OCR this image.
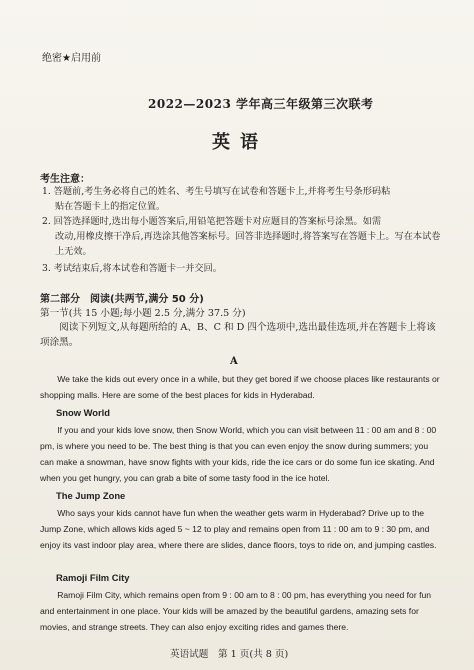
绝密★启用前
2022—2023 学年高三年级第三次联考
英语
考生注意：
1. 答题前,考生务必将自己的姓名、考生号填写在试卷和答题卡上,并将考生号条形码粘
贴在答题卡上的指定位置。
2. 回答选择题时,选出每小题答案后,用铅笔把答题卡对应题目的答案标号涂黑。如需
改动,用橡皮擦干净后,再选涂其他答案标号。回答非选择题时,将答案写在答题卡上。写在本试卷上无效。
3. 考试结束后,将本试卷和答题卡一并交回。
第二部分　阅读(共两节,满分 50 分)
第一节(共 15 小题;每小题 2.5 分,满分 37.5 分)
阅读下列短文,从每题所给的 A、B、C 和 D 四个选项中,选出最佳选项,并在答题卡上将该项涂黑。
A
We take the kids out every once in a while, but they get bored if we choose places like restaurants or shopping malls. Here are some of the best places for kids in Hyderabad.
Snow World
If you and your kids love snow, then Snow World, which you can visit between 11 : 00 am and 8 : 00 pm, is where you need to be. The best thing is that you can even enjoy the snow during summers; you can make a snowman, have snow fights with your kids, ride the ice cars or do some fun ice skating. And when you get hungry, you can grab a bite of some tasty food in the ice hotel.
The Jump Zone
Who says your kids cannot have fun when the weather gets warm in Hyderabad? Drive up to the Jump Zone, which allows kids aged 5 ~ 12 to play and remains open from 11 : 00 am to 9 : 30 pm, and enjoy its vast indoor play area, where there are slides, dance floors, toys to ride on, and jumping castles.
Ramoji Film City
Ramoji Film City, which remains open from 9 : 00 am to 8 : 00 pm, has everything you need for fun and entertainment in one place. Your kids will be amazed by the beautiful gardens, amazing sets for movies, and strange streets. They can also enjoy exciting rides and games there.
英语试题　第 1 页(共 8 页)
